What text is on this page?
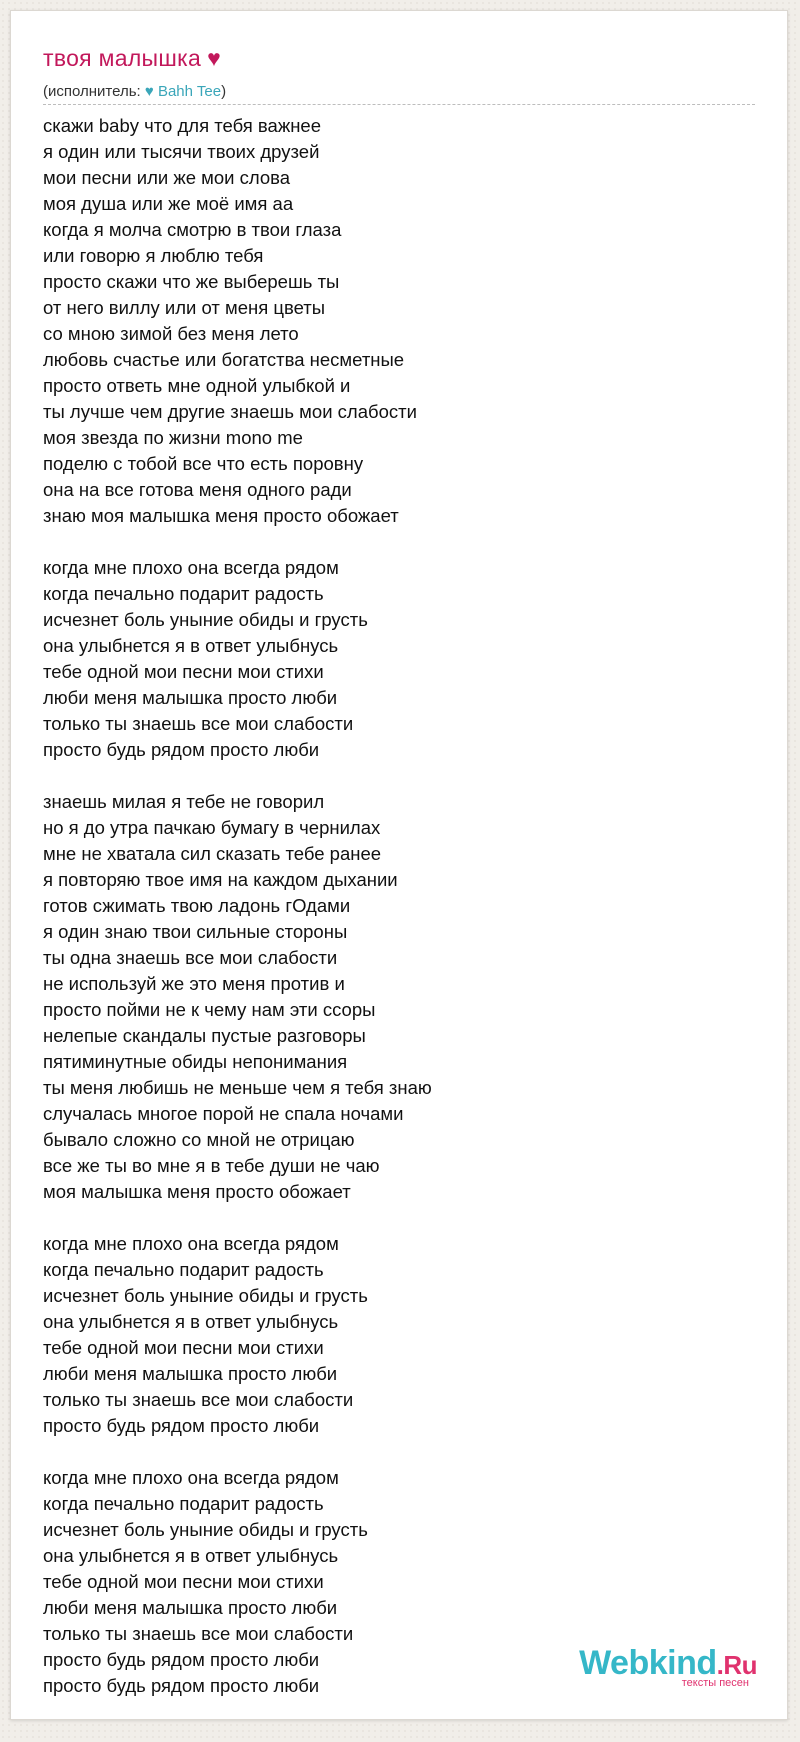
твоя малышка ♥
(исполнитель: ♥ Bahh Tee)
скажи baby что для тебя важнее
я один или тысячи твоих друзей
мои песни или же мои слова
моя душа или же моё имя аа
когда я молча смотрю в твои глаза
или говорю я люблю тебя
просто скажи что же выберешь ты
от него виллу или от меня цветы
со мною зимой без меня лето
любовь счастье или богатства несметные
просто ответь мне одной улыбкой и
ты лучше чем другие знаешь мои слабости
моя звезда по жизни mono me
поделю с тобой все что есть поровну
она на все готова меня одного ради
знаю моя малышка меня просто обожает
когда мне плохо она всегда рядом
когда печально подарит радость
исчезнет боль уныние обиды и грусть
она улыбнется я в ответ улыбнусь
тебе одной мои песни мои стихи
люби меня малышка просто люби
только ты знаешь все мои слабости
просто будь рядом просто люби
знаешь милая я тебе не говорил
но я до утра пачкаю бумагу в чернилах
мне не хватала сил сказать тебе ранее
я повторяю твое имя на каждом дыхании
готов сжимать твою ладонь гОдами
я один знаю твои сильные стороны
ты одна знаешь все мои слабости
не используй же это меня против и
просто пойми не к чему нам эти ссоры
нелепые скандалы пустые разговоры
пятиминутные обиды непонимания
ты меня любишь не меньше чем я тебя знаю
случалась многое порой не спала ночами
бывало сложно со мной не отрицаю
все же ты во мне я в тебе души не чаю
моя малышка меня просто обожает
когда мне плохо она всегда рядом
когда печально подарит радость
исчезнет боль уныние обиды и грусть
она улыбнется я в ответ улыбнусь
тебе одной мои песни мои стихи
люби меня малышка просто люби
только ты знаешь все мои слабости
просто будь рядом просто люби
когда мне плохо она всегда рядом
когда печально подарит радость
исчезнет боль уныние обиды и грусть
она улыбнется я в ответ улыбнусь
тебе одной мои песни мои стихи
люби меня малышка просто люби
только ты знаешь все мои слабости
просто будь рядом просто люби
просто будь рядом просто люби
Webkind.Ru
тексты песен
